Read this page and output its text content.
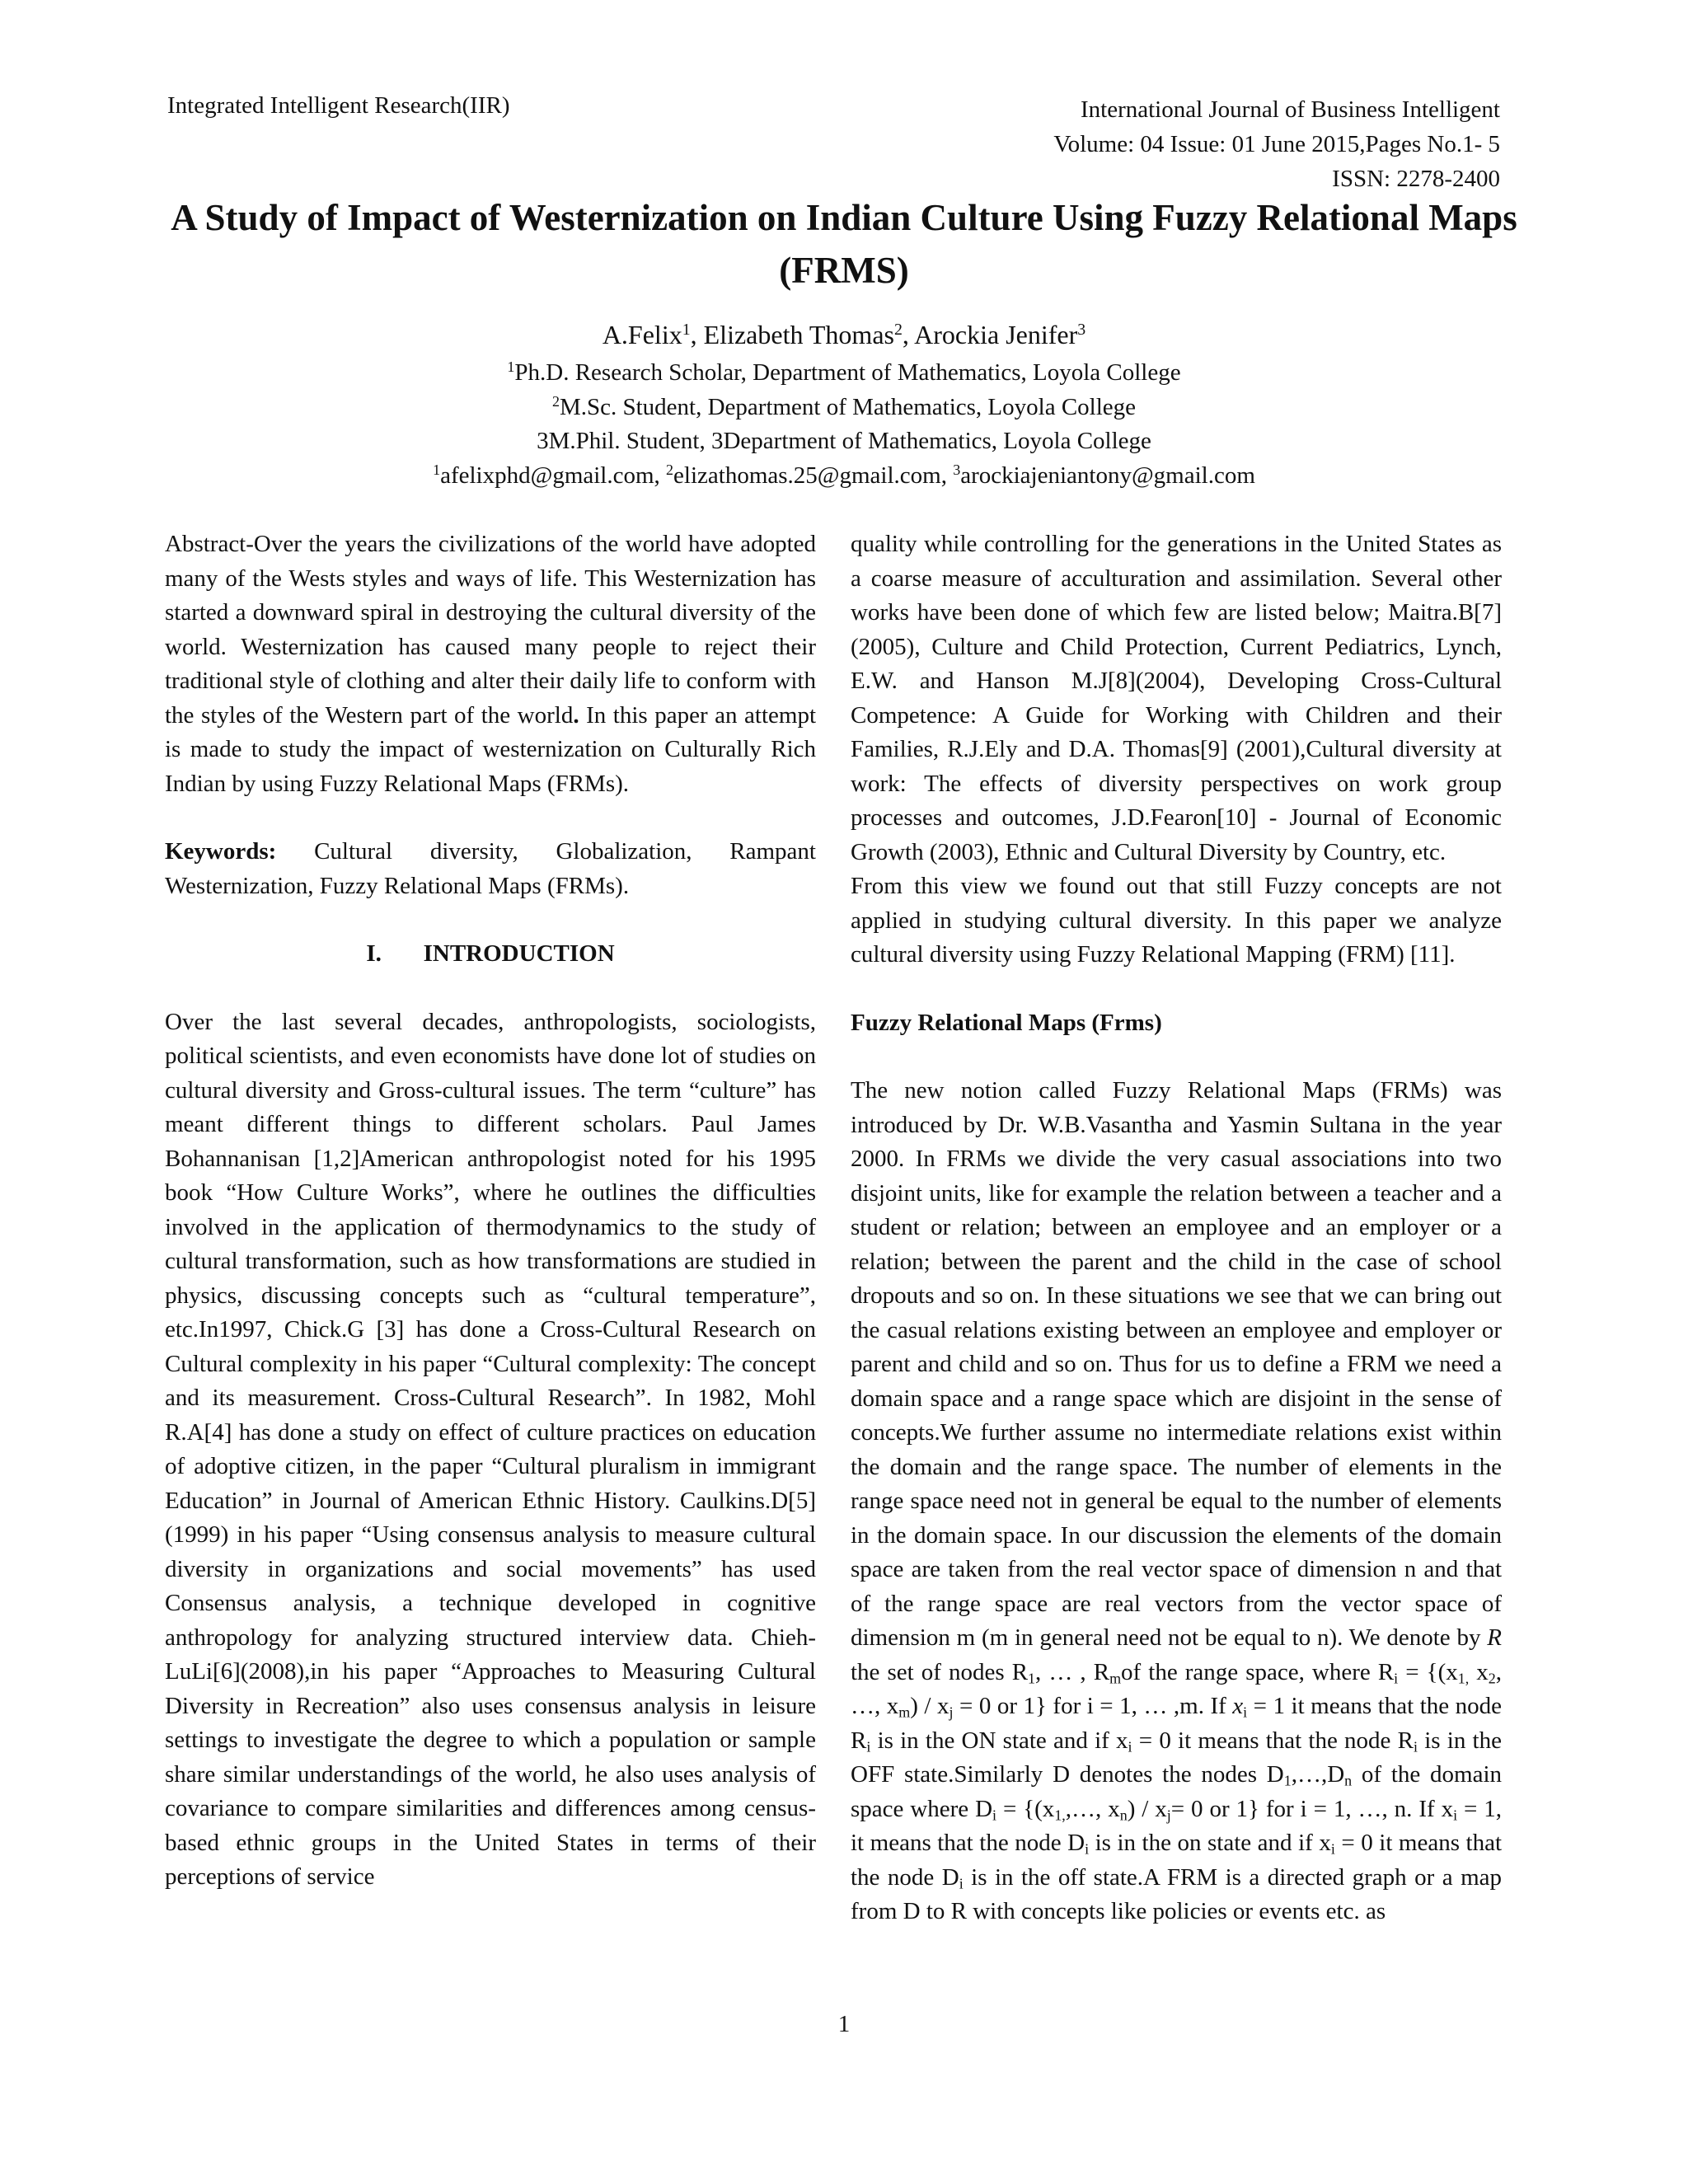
Integrated Intelligent Research(IIR)	International Journal of Business Intelligent
Volume: 04 Issue: 01 June 2015,Pages No.1- 5
ISSN: 2278-2400
A Study of Impact of Westernization on Indian Culture Using Fuzzy Relational Maps (FRMS)
A.Felix$^1$, Elizabeth Thomas$^2$, Arockia Jenifer$^3$
$^1$Ph.D. Research Scholar, Department of Mathematics, Loyola College
$^2$M.Sc. Student, Department of Mathematics, Loyola College
3M.Phil. Student, 3Department of Mathematics, Loyola College
$^1$afelixphd@gmail.com, $^2$elizathomas.25@gmail.com, $^3$arockiajeniantony@gmail.com

Abstract-Over the years the civilizations of the world have adopted many of the Wests styles and ways of life. This Westernization has started a downward spiral in destroying the cultural diversity of the world. Westernization has caused many people to reject their traditional style of clothing and alter their daily life to conform with the styles of the Western part of the world. In this paper an attempt is made to study the impact of westernization on Culturally Rich Indian by using Fuzzy Relational Maps (FRMs).

Keywords: Cultural diversity, Globalization, Rampant Westernization, Fuzzy Relational Maps (FRMs).

I.       INTRODUCTION

Over the last several decades, anthropologists, sociologists, political scientists, and even economists have done lot of studies on cultural diversity and Gross-cultural issues. The term “culture” has meant different things to different scholars. Paul James Bohannanisan [1,2]American anthropologist noted for his 1995 book “How Culture Works”, where he outlines the difficulties involved in the application of thermodynamics to the study of cultural transformation, such as how transformations are studied in physics, discussing concepts such as “cultural temperature”, etc.In1997, Chick.G [3] has done a Cross-Cultural Research on Cultural complexity in his paper “Cultural complexity: The concept and its measurement. Cross-Cultural Research”. In 1982, Mohl R.A[4] has done a study on effect of culture practices on education of adoptive citizen, in the paper “Cultural pluralism in immigrant Education” in Journal of American Ethnic History. Caulkins.D[5](1999) in his paper “Using consensus analysis to measure cultural diversity in organizations and social movements” has used Consensus analysis, a technique developed in cognitive anthropology for analyzing structured interview data. Chieh-LuLi[6](2008),in his paper “Approaches to Measuring Cultural Diversity in Recreation” also uses consensus analysis in leisure settings to investigate the degree to which a population or sample share similar understandings of the world, he also uses analysis of covariance to compare similarities and differences among census-based ethnic groups in the United States in terms of their perceptions of service

quality while controlling for the generations in the United States as a coarse measure of acculturation and assimilation. Several other works have been done of which few are listed below; Maitra.B[7](2005), Culture and Child Protection, Current Pediatrics, Lynch, E.W. and Hanson M.J[8](2004), Developing Cross-Cultural Competence: A Guide for Working with Children and their Families, R.J.Ely and D.A. Thomas[9] (2001),Cultural diversity at work: The effects of diversity perspectives on work group processes and outcomes, J.D.Fearon[10] - Journal of Economic Growth (2003), Ethnic and Cultural Diversity by Country, etc.

From this view we found out that still Fuzzy concepts are not applied in studying cultural diversity. In this paper we analyze cultural diversity using Fuzzy Relational Mapping (FRM) [11].

Fuzzy Relational Maps (Frms)

The new notion called Fuzzy Relational Maps (FRMs) was introduced by Dr. W.B.Vasantha and Yasmin Sultana in the year 2000. In FRMs we divide the very casual associations into two disjoint units, like for example the relation between a teacher and a student or relation; between an employee and an employer or a relation; between the parent and the child in the case of school dropouts and so on. In these situations we see that we can bring out the casual relations existing between an employee and employer or parent and child and so on. Thus for us to define a FRM we need a domain space and a range space which are disjoint in the sense of concepts.We further assume no intermediate relations exist within the domain and the range space. The number of elements in the range space need not in general be equal to the number of elements in the domain space. In our discussion the elements of the domain space are taken from the real vector space of dimension n and that of the range space are real vectors from the vector space of dimension m (m in general need not be equal to n). We denote by R the set of nodes $R_1$, … , $R_mof$ the range space, where $R_i = \{(x_{1,}$ $x_2$, …, $x_m) / x_j = 0$ or 1} for i = 1, … ,m. If $x_i = 1$ it means that the node $R_i$ is in the ON state and if $x_i = 0$ it means that the node $R_i$ is in the OFF state.Similarly D denotes the nodes $D_1,\dots,D_n$ of the domain space where $D_i$ = {($x_{1,},\dots$, $x_n) / x_j= 0$ or 1} for i = 1, …, n. If $x_i = 1$, it means that the node $D_i$ is in the on state and if $x_i = 0$ it means that the node $D_i$ is in the off state.A FRM is a directed graph or a map from D to R with concepts like policies or events etc. as

1
